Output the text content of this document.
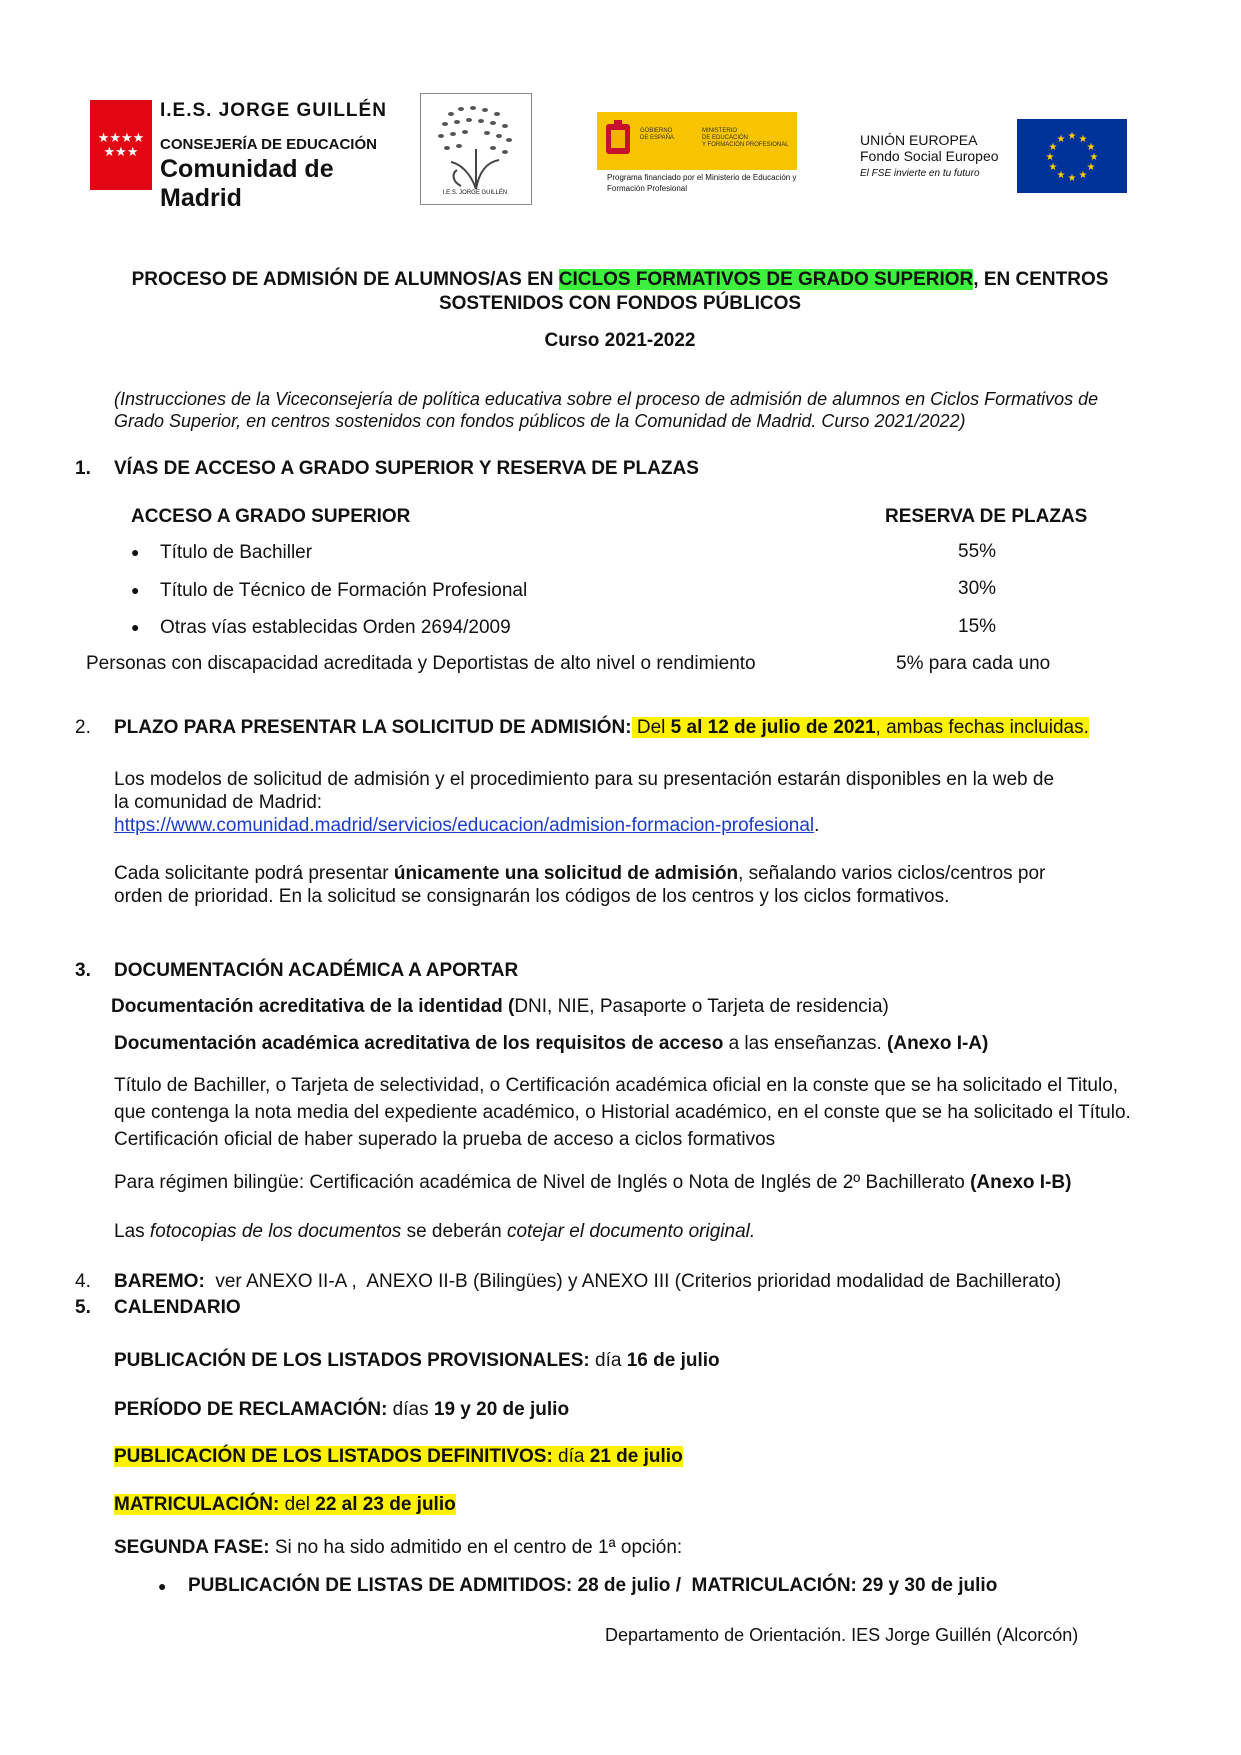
★★★★★★★
I.E.S. JORGE GUILLÉN
CONSEJERÍA DE EDUCACIÓN
Comunidad de Madrid	I.E.S. JORGE GUILLÉN
GOBIERNO
DE ESPAÑA
MINISTERIO
DE EDUCACIÓN
Y FORMACIÓN PROFESIONAL
Programa financiado por el Ministerio de Educación y Formación Profesional
UNIÓN EUROPEA
Fondo Social Europeo
El FSE invierte en tu futuro
★ ★
★
★
★
★
★
★
★
★
★
★
PROCESO DE ADMISIÓN DE ALUMNOS/AS EN CICLOS FORMATIVOS DE GRADO SUPERIOR, EN CENTROS
SOSTENIDOS CON FONDOS PÚBLICOS
Curso 2021-2022
(Instrucciones de la Viceconsejería de política educativa sobre el proceso de admisión de alumnos en Ciclos Formativos de Grado Superior, en centros sostenidos con fondos públicos de la Comunidad de Madrid. Curso 2021/2022)
1. VÍAS DE ACCESO A GRADO SUPERIOR Y RESERVA DE PLAZAS
ACCESO A GRADO SUPERIOR	RESERVA DE PLAZAS
● Título de Bachiller	55%
● Título de Técnico de Formación Profesional	30%
● Otras vías establecidas Orden 2694/2009	15%
Personas con discapacidad acreditada y Deportistas de alto nivel o rendimiento	5% para cada uno
2. PLAZO PARA PRESENTAR LA SOLICITUD DE ADMISIÓN: Del 5 al 12 de julio de 2021, ambas fechas incluidas.
Los modelos de solicitud de admisión y el procedimiento para su presentación estarán disponibles en la web de
la comunidad de Madrid:
https://www.comunidad.madrid/servicios/educacion/admision-formacion-profesional.
Cada solicitante podrá presentar únicamente una solicitud de admisión, señalando varios ciclos/centros por
orden de prioridad. En la solicitud se consignarán los códigos de los centros y los ciclos formativos.
3. DOCUMENTACIÓN ACADÉMICA A APORTAR
Documentación acreditativa de la identidad (DNI, NIE, Pasaporte o Tarjeta de residencia)
Documentación académica acreditativa de los requisitos de acceso a las enseñanzas. (Anexo I-A)
Título de Bachiller, o Tarjeta de selectividad, o Certificación académica oficial en la conste que se ha solicitado el Titulo,
que contenga la nota media del expediente académico, o Historial académico, en el conste que se ha solicitado el Título.
Certificación oficial de haber superado la prueba de acceso a ciclos formativos
Para régimen bilingüe: Certificación académica de Nivel de Inglés o Nota de Inglés de 2º Bachillerato (Anexo I-B)
Las fotocopias de los documentos se deberán cotejar el documento original.
4. BAREMO:  ver ANEXO II-A ,  ANEXO II-B (Bilingües) y ANEXO III (Criterios prioridad modalidad de Bachillerato)
5. CALENDARIO
PUBLICACIÓN DE LOS LISTADOS PROVISIONALES: día 16 de julio
PERÍODO DE RECLAMACIÓN: días 19 y 20 de julio
PUBLICACIÓN DE LOS LISTADOS DEFINITIVOS: día 21 de julio
MATRICULACIÓN: del 22 al 23 de julio
SEGUNDA FASE: Si no ha sido admitido en el centro de 1ª opción:
● PUBLICACIÓN DE LISTAS DE ADMITIDOS: 28 de julio /  MATRICULACIÓN: 29 y 30 de julio
Departamento de Orientación. IES Jorge Guillén (Alcorcón)
